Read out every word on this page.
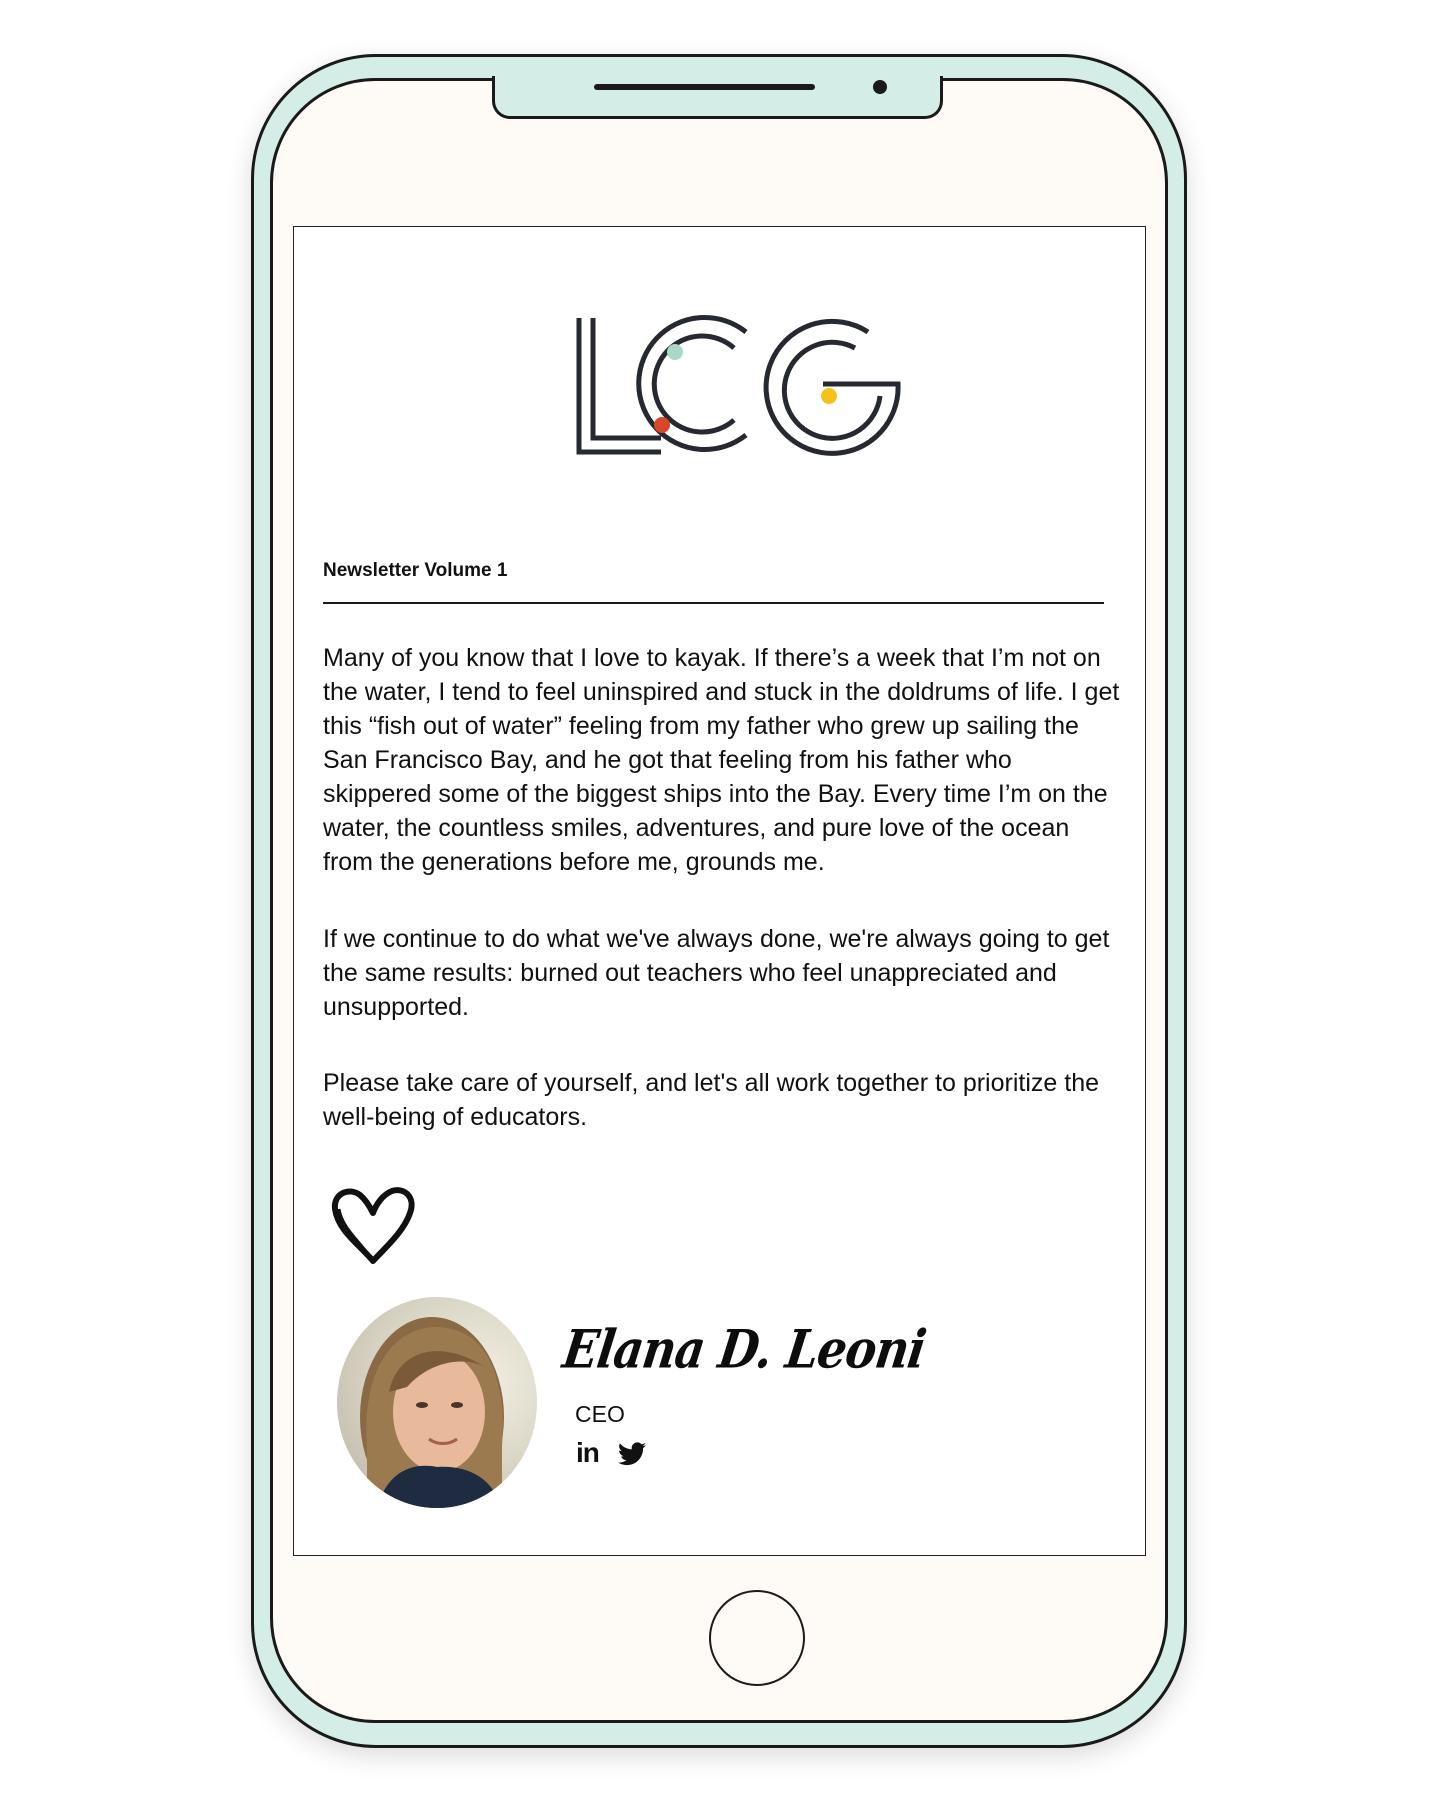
Newsletter Volume 1

Many of you know that I love to kayak. If there’s a week that I’m not on the water, I tend to feel uninspired and stuck in the doldrums of life. I get this “fish out of water” feeling from my father who grew up sailing the San Francisco Bay, and he got that feeling from his father who skippered some of the biggest ships into the Bay. Every time I’m on the water, the countless smiles, adventures, and pure love of the ocean from the generations before me, grounds me.

If we continue to do what we've always done, we're always going to get the same results: burned out teachers who feel unappreciated and unsupported.

Please take care of yourself, and let's all work together to prioritize the well-being of educators.

Elana D. Leoni
CEO
in
